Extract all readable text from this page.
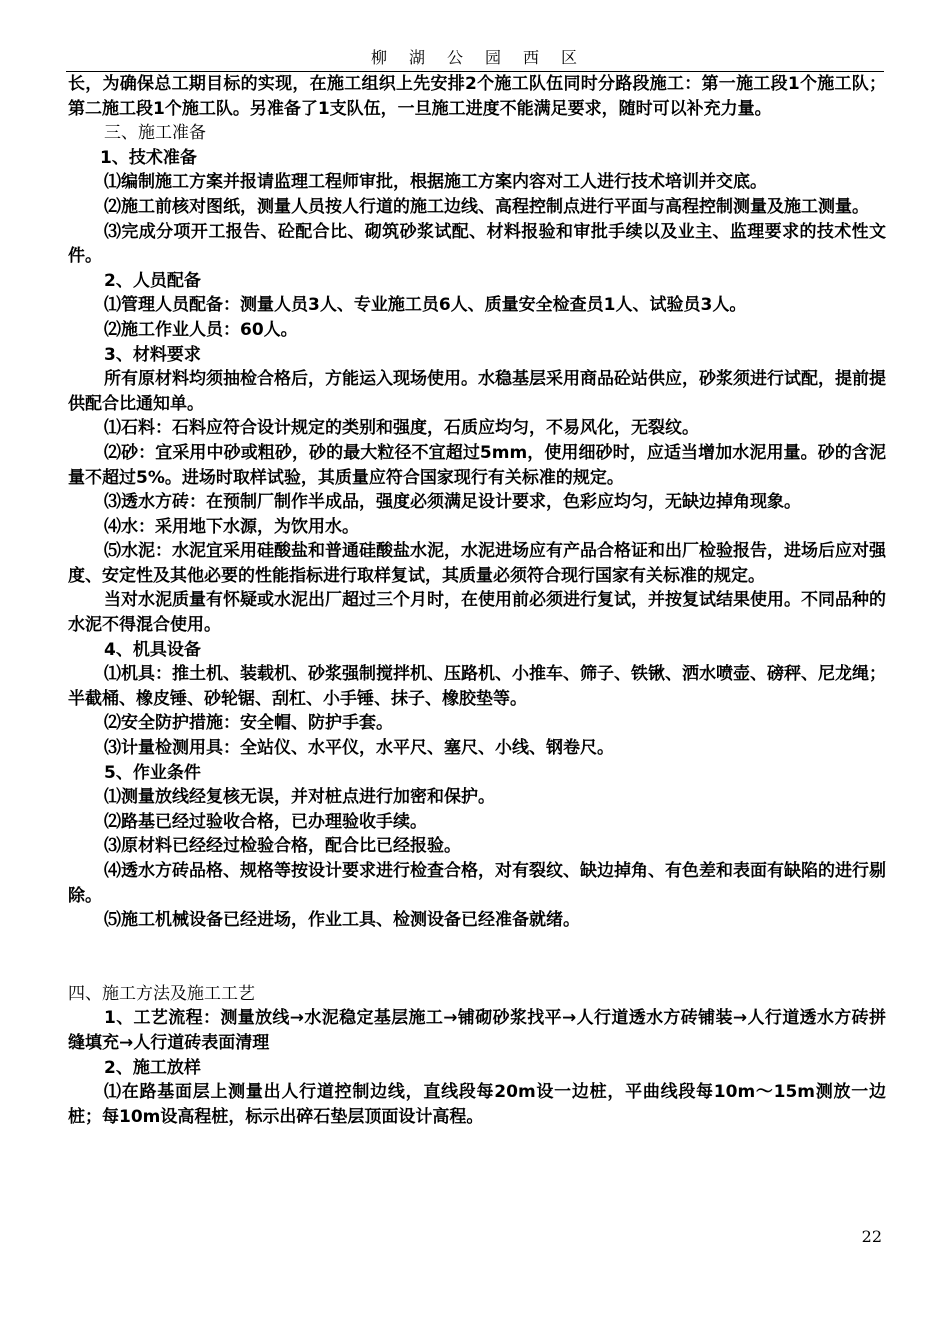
柳湖公园西区

长，为确保总工期目标的实现，在施工组织上先安排2个施工队伍同时分路段施工：第一施工段1个施工队；第二施工段1个施工队。另准备了1支队伍，一旦施工进度不能满足要求，随时可以补充力量。

三、施工准备

1、技术准备

⑴编制施工方案并报请监理工程师审批，根据施工方案内容对工人进行技术培训并交底。

⑵施工前核对图纸，测量人员按人行道的施工边线、高程控制点进行平面与高程控制测量及施工测量。

⑶完成分项开工报告、砼配合比、砌筑砂浆试配、材料报验和审批手续以及业主、监理要求的技术性文件。

2、人员配备

⑴管理人员配备：测量人员3人、专业施工员6人、质量安全检查员1人、试验员3人。

⑵施工作业人员：60人。

3、材料要求

所有原材料均须抽检合格后，方能运入现场使用。水稳基层采用商品砼站供应，砂浆须进行试配，提前提供配合比通知单。

⑴石料：石料应符合设计规定的类别和强度，石质应均匀，不易风化，无裂纹。

⑵砂：宜采用中砂或粗砂，砂的最大粒径不宜超过5mm，使用细砂时，应适当增加水泥用量。砂的含泥量不超过5%。进场时取样试验，其质量应符合国家现行有关标准的规定。

⑶透水方砖：在预制厂制作半成品，强度必须满足设计要求，色彩应均匀，无缺边掉角现象。

⑷水：采用地下水源，为饮用水。

⑸水泥：水泥宜采用硅酸盐和普通硅酸盐水泥，水泥进场应有产品合格证和出厂检验报告，进场后应对强度、安定性及其他必要的性能指标进行取样复试，其质量必须符合现行国家有关标准的规定。

当对水泥质量有怀疑或水泥出厂超过三个月时，在使用前必须进行复试，并按复试结果使用。不同品种的水泥不得混合使用。

4、机具设备

⑴机具：推土机、装载机、砂浆强制搅拌机、压路机、小推车、筛子、铁锹、洒水喷壶、磅秤、尼龙绳；半截桶、橡皮锤、砂轮锯、刮杠、小手锤、抹子、橡胶垫等。

⑵安全防护措施：安全帽、防护手套。

⑶计量检测用具：全站仪、水平仪，水平尺、塞尺、小线、钢卷尺。

5、作业条件

⑴测量放线经复核无误，并对桩点进行加密和保护。

⑵路基已经过验收合格，已办理验收手续。

⑶原材料已经经过检验合格，配合比已经报验。

⑷透水方砖品格、规格等按设计要求进行检查合格，对有裂纹、缺边掉角、有色差和表面有缺陷的进行剔除。

⑸施工机械设备已经进场，作业工具、检测设备已经准备就绪。

四、施工方法及施工工艺

1、工艺流程：测量放线→水泥稳定基层施工→铺砌砂浆找平→人行道透水方砖铺装→人行道透水方砖拼缝填充→人行道砖表面清理

2、施工放样

⑴在路基面层上测量出人行道控制边线，直线段每20m设一边桩，平曲线段每10m～15m测放一边桩；每10m设高程桩，标示出碎石垫层顶面设计高程。

22
